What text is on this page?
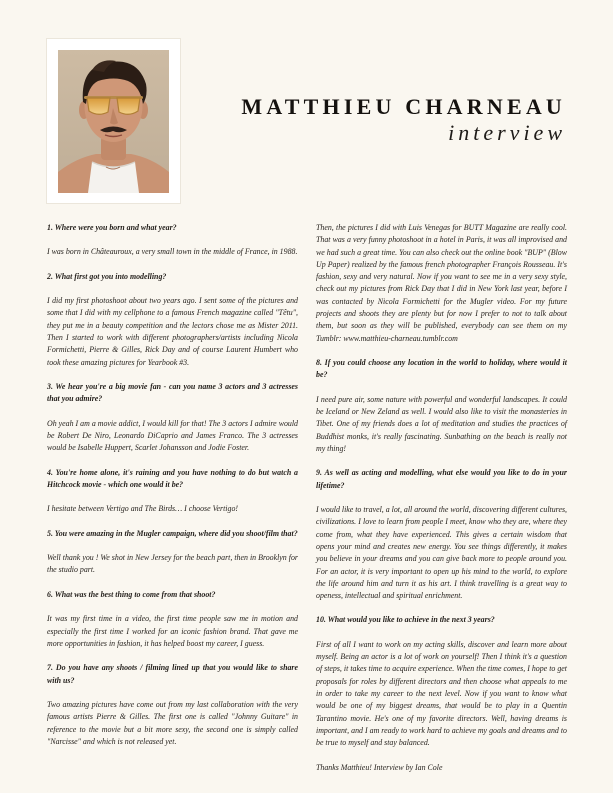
MATTHIEU CHARNEAU
interview

1. Where were you born and what year?

I was born in Châteauroux, a very small town in the middle of France, in 1988.

2. What first got you into modelling?

I did my first photoshoot about two years ago. I sent some of the pictures and some that I did with my cellphone to a famous French magazine called "Têtu", they put me in a beauty competition and the lectors chose me as Mister 2011. Then I started to work with different photographers/artists including Nicola Formichetti, Pierre & Gilles, Rick Day and of course Laurent Humbert who took these amazing pictures for Yearbook #3.

3. We hear you're a big movie fan - can you name 3 actors and 3 actresses that you admire?

Oh yeah I am a movie addict, I would kill for that! The 3 actors I admire would be Robert De Niro, Leonardo DiCaprio and James Franco. The 3 actresses would be Isabelle Huppert, Scarlet Johansson and Jodie Foster.

4. You're home alone, it's raining and you have nothing to do but watch a Hitchcock movie - which one would it be?

I hesitate between Vertigo and The Birds… I choose Vertigo!

5. You were amazing in the Mugler campaign, where did you shoot/film that?

Well thank you ! We shot in New Jersey for the beach part, then in Brooklyn for the studio part.

6. What was the best thing to come from that shoot?

It was my first time in a video, the first time people saw me in motion and especially the first time I worked for an iconic fashion brand. That gave me more opportunities in fashion, it has helped boost my career, I guess.

7. Do you have any shoots / filming lined up that you would like to share with us?

Two amazing pictures have come out from my last collaboration with the very famous artists Pierre & Gilles. The first one is called "Johnny Guitare" in reference to the movie but a bit more sexy, the second one is simply called "Narcisse" and which is not released yet.

Then, the pictures I did with Luis Venegas for BUTT Magazine are really cool. That was a very funny photoshoot in a hotel in Paris, it was all improvised and we had such a great time. You can also check out the online book "BUP" (Blow Up Paper) realized by the famous french photographer François Rousseau. It's fashion, sexy and very natural. Now if you want to see me in a very sexy style, check out my pictures from Rick Day that I did in New York last year, before I was contacted by Nicola Formichetti for the Mugler video. For my future projects and shoots they are plenty but for now I prefer to not to talk about them, but soon as they will be published, everybody can see them on my Tumblr: www.matthieu-charneau.tumblr.com

8. If you could choose any location in the world to holiday, where would it be?

I need pure air, some nature with powerful and wonderful landscapes. It could be Iceland or New Zeland as well. I would also like to visit the monasteries in Tibet. One of my friends does a lot of meditation and studies the practices of Buddhist monks, it's really fascinating. Sunbathing on the beach is really not my thing!

9. As well as acting and modelling, what else would you like to do in your lifetime?

I would like to travel, a lot, all around the world, discovering different cultures, civilizations. I love to learn from people I meet, know who they are, where they come from, what they have experienced. This gives a certain wisdom that opens your mind and creates new energy. You see things differently, it makes you believe in your dreams and you can give back more to people around you. For an actor, it is very important to open up his mind to the world, to explore the life around him and turn it as his art. I think travelling is a great way to openess, intellectual and spiritual enrichment.

10. What would you like to achieve in the next 3 years?

First of all I want to work on my acting skills, discover and learn more about myself. Being an actor is a lot of work on yourself! Then I think it's a question of steps, it takes time to acquire experience. When the time comes, I hope to get proposals for roles by different directors and then choose what appeals to me in order to take my career to the next level. Now if you want to know what would be one of my biggest dreams, that would be to play in a Quentin Tarantino movie. He's one of my favorite directors. Well, having dreams is important, and I am ready to work hard to achieve my goals and dreams and to be true to myself and stay balanced.

Thanks Matthieu! Interview by Ian Cole
